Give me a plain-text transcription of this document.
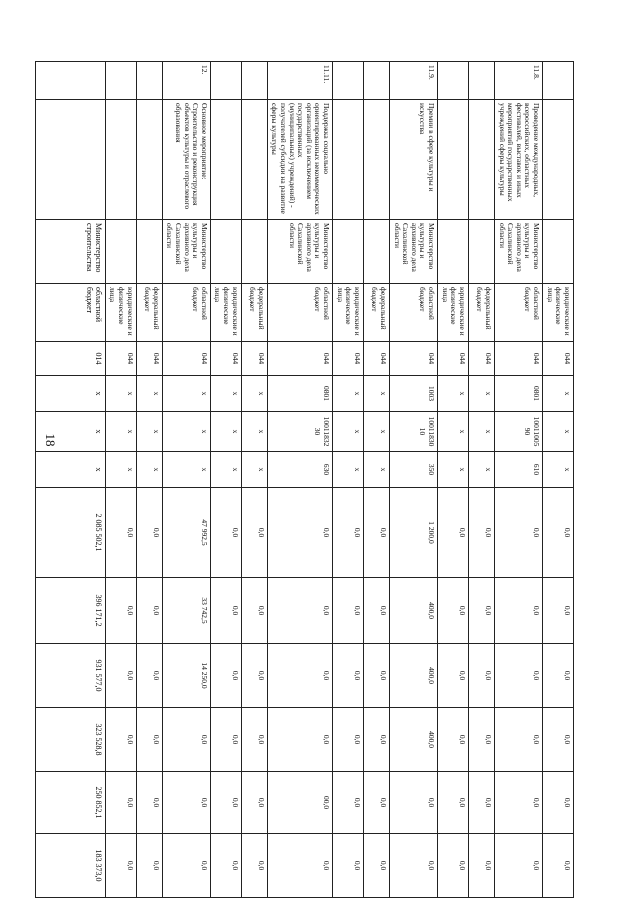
18
			юридические и физические лица	044	x	x	x	0,0	0,0	0,0	0,0	0,0	0,0
11.8.	Проведение международных, всероссийских, областных фестивалей, выставок и иных мероприятий государственных учреждений сферы культуры	Министерство культуры и архивного дела Сахалинской области	областной бюджет	044	0801	10011005 90	610	0,0	0,0	0,0	0,0	0,0	0,0
			федеральный бюджет	044	x	x	x	0,0	0,0	0,0	0,0	0,0	0,0
			юридические и физические лица	044	x	x	x	0,0	0,0	0,0	0,0	0,0	0,0
11.9.	Премии в сфере культуры и искусства	Министерство культуры и архивного дела Сахалинской области	областной бюджет	044	1003	10011830 10	350	1 200,0	400,0	400,0	400,0	0,0	0,0
			федеральный бюджет	044	x	x	x	0,0	0,0	0,0	0,0	0,0	0,0
			юридические и физические лица	044	x	x	x	0,0	0,0	0,0	0,0	0,0	0,0
11.11.	Поддержка социально ориентированных некоммерческих организаций (за исключением государственных (муниципальных) учреждений) - получателей субсидии на развитие сферы культуры	Министерство культуры и архивного дела Сахалинской области	областной бюджет	044	0801	10011832 30	630	0,0	0,0	0,0	0,0	00,0	0,0
			федеральный бюджет	044	x	x	x	0,0	0,0	0,0	0,0	0,0	0,0
			юридические и физические лица	044	x	x	x	0,0	0,0	0,0	0,0	0,0	0,0
12.	Основное мероприятие: Строительство и реконструкция объектов культуры и отраслевого образования	Министерство культуры и архивного дела Сахалинской области	областной бюджет	044	x	x	x	47 992,5	33 742,5	14 250,0	0,0	0,0	0,0
			федеральный бюджет	044	x	x	x	0,0	0,0	0,0	0,0	0,0	0,0
			юридические и физические лица	044	x	x	x	0,0	0,0	0,0	0,0	0,0	0,0
		Министерство строительства	областной бюджет	014	x	x	x	2 085 502,1	396 171,2	931 577,0	323 528,8	250 852,1	183 373,0
